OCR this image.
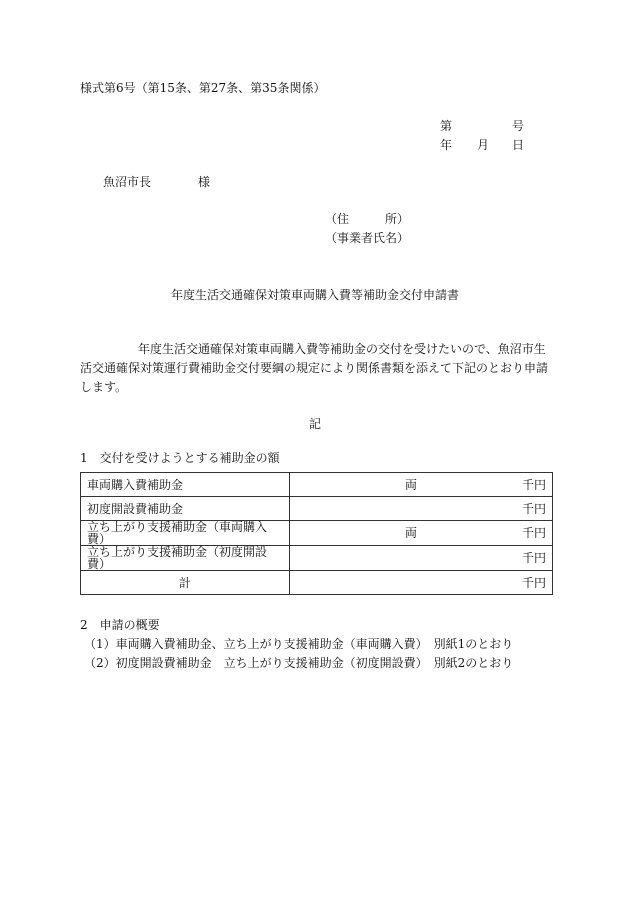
様式第6号（第15条、第27条、第35条関係）
第	号
年 月 日
魚沼市長	様
（住　　　所）
（事業者氏名）
年度生活交通確保対策車両購入費等補助金交付申請書
年度生活交通確保対策車両購入費等補助金の交付を受けたいので、魚沼市生活交通確保対策運行費補助金交付要綱の規定により関係書類を添えて下記のとおり申請します。
記
1　交付を受けようとする補助金の額
車両購入費補助金	両 千円

初度開設費補助金	千円

立ち上がり支援補助金（車両購入費）	両 千円

立ち上がり支援補助金（初度開設費）	千円

計	千円
2　申請の概要
（1）車両購入費補助金、立ち上がり支援補助金（車両購入費）　別紙1のとおり
（2）初度開設費補助金　立ち上がり支援補助金（初度開設費）　別紙2のとおり
